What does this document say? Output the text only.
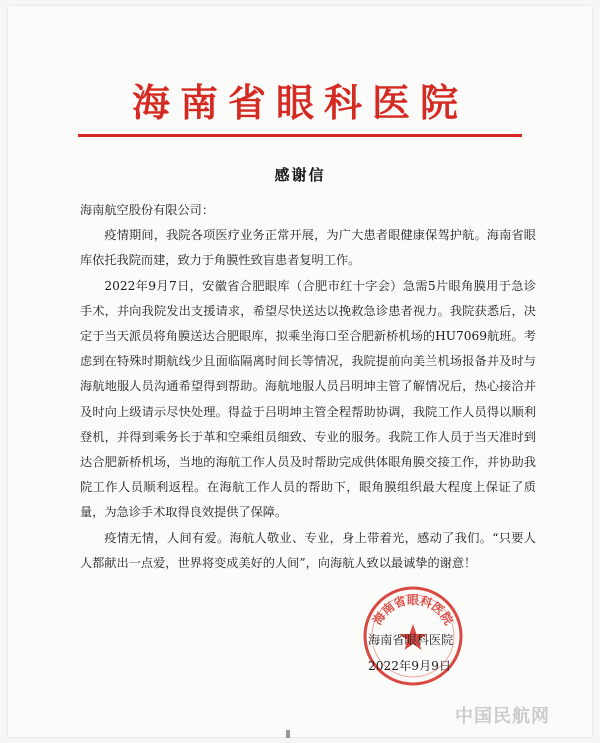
海南省眼科医院
感谢信

海南航空股份有限公司：

疫情期间，我院各项医疗业务正常开展，为广大患者眼健康保驾护航。海南省眼库依托我院而建，致力于角膜性致盲患者复明工作。

2022年9月7日，安徽省合肥眼库（合肥市红十字会）急需5片眼角膜用于急诊手术，并向我院发出支援请求，希望尽快送达以挽救急诊患者视力。我院获悉后，决定于当天派员将角膜送达合肥眼库，拟乘坐海口至合肥新桥机场的HU7069航班。考虑到在特殊时期航线少且面临隔离时间长等情况，我院提前向美兰机场报备并及时与海航地服人员沟通希望得到帮助。海航地服人员吕明坤主管了解情况后，热心接洽并及时向上级请示尽快处理。得益于吕明坤主管全程帮助协调，我院工作人员得以顺利登机，并得到乘务长于革和空乘组员细致、专业的服务。我院工作人员于当天准时到达合肥新桥机场，当地的海航工作人员及时帮助完成供体眼角膜交接工作，并协助我院工作人员顺利返程。在海航工作人员的帮助下，眼角膜组织最大程度上保证了质量，为急诊手术取得良效提供了保障。

疫情无情，人间有爱。海航人敬业、专业，身上带着光，感动了我们。“只要人人都献出一点爱，世界将变成美好的人间”，向海航人致以最诚挚的谢意！

海南省眼科医院
海南省眼科医院
2022年9月9日
中国民航网
